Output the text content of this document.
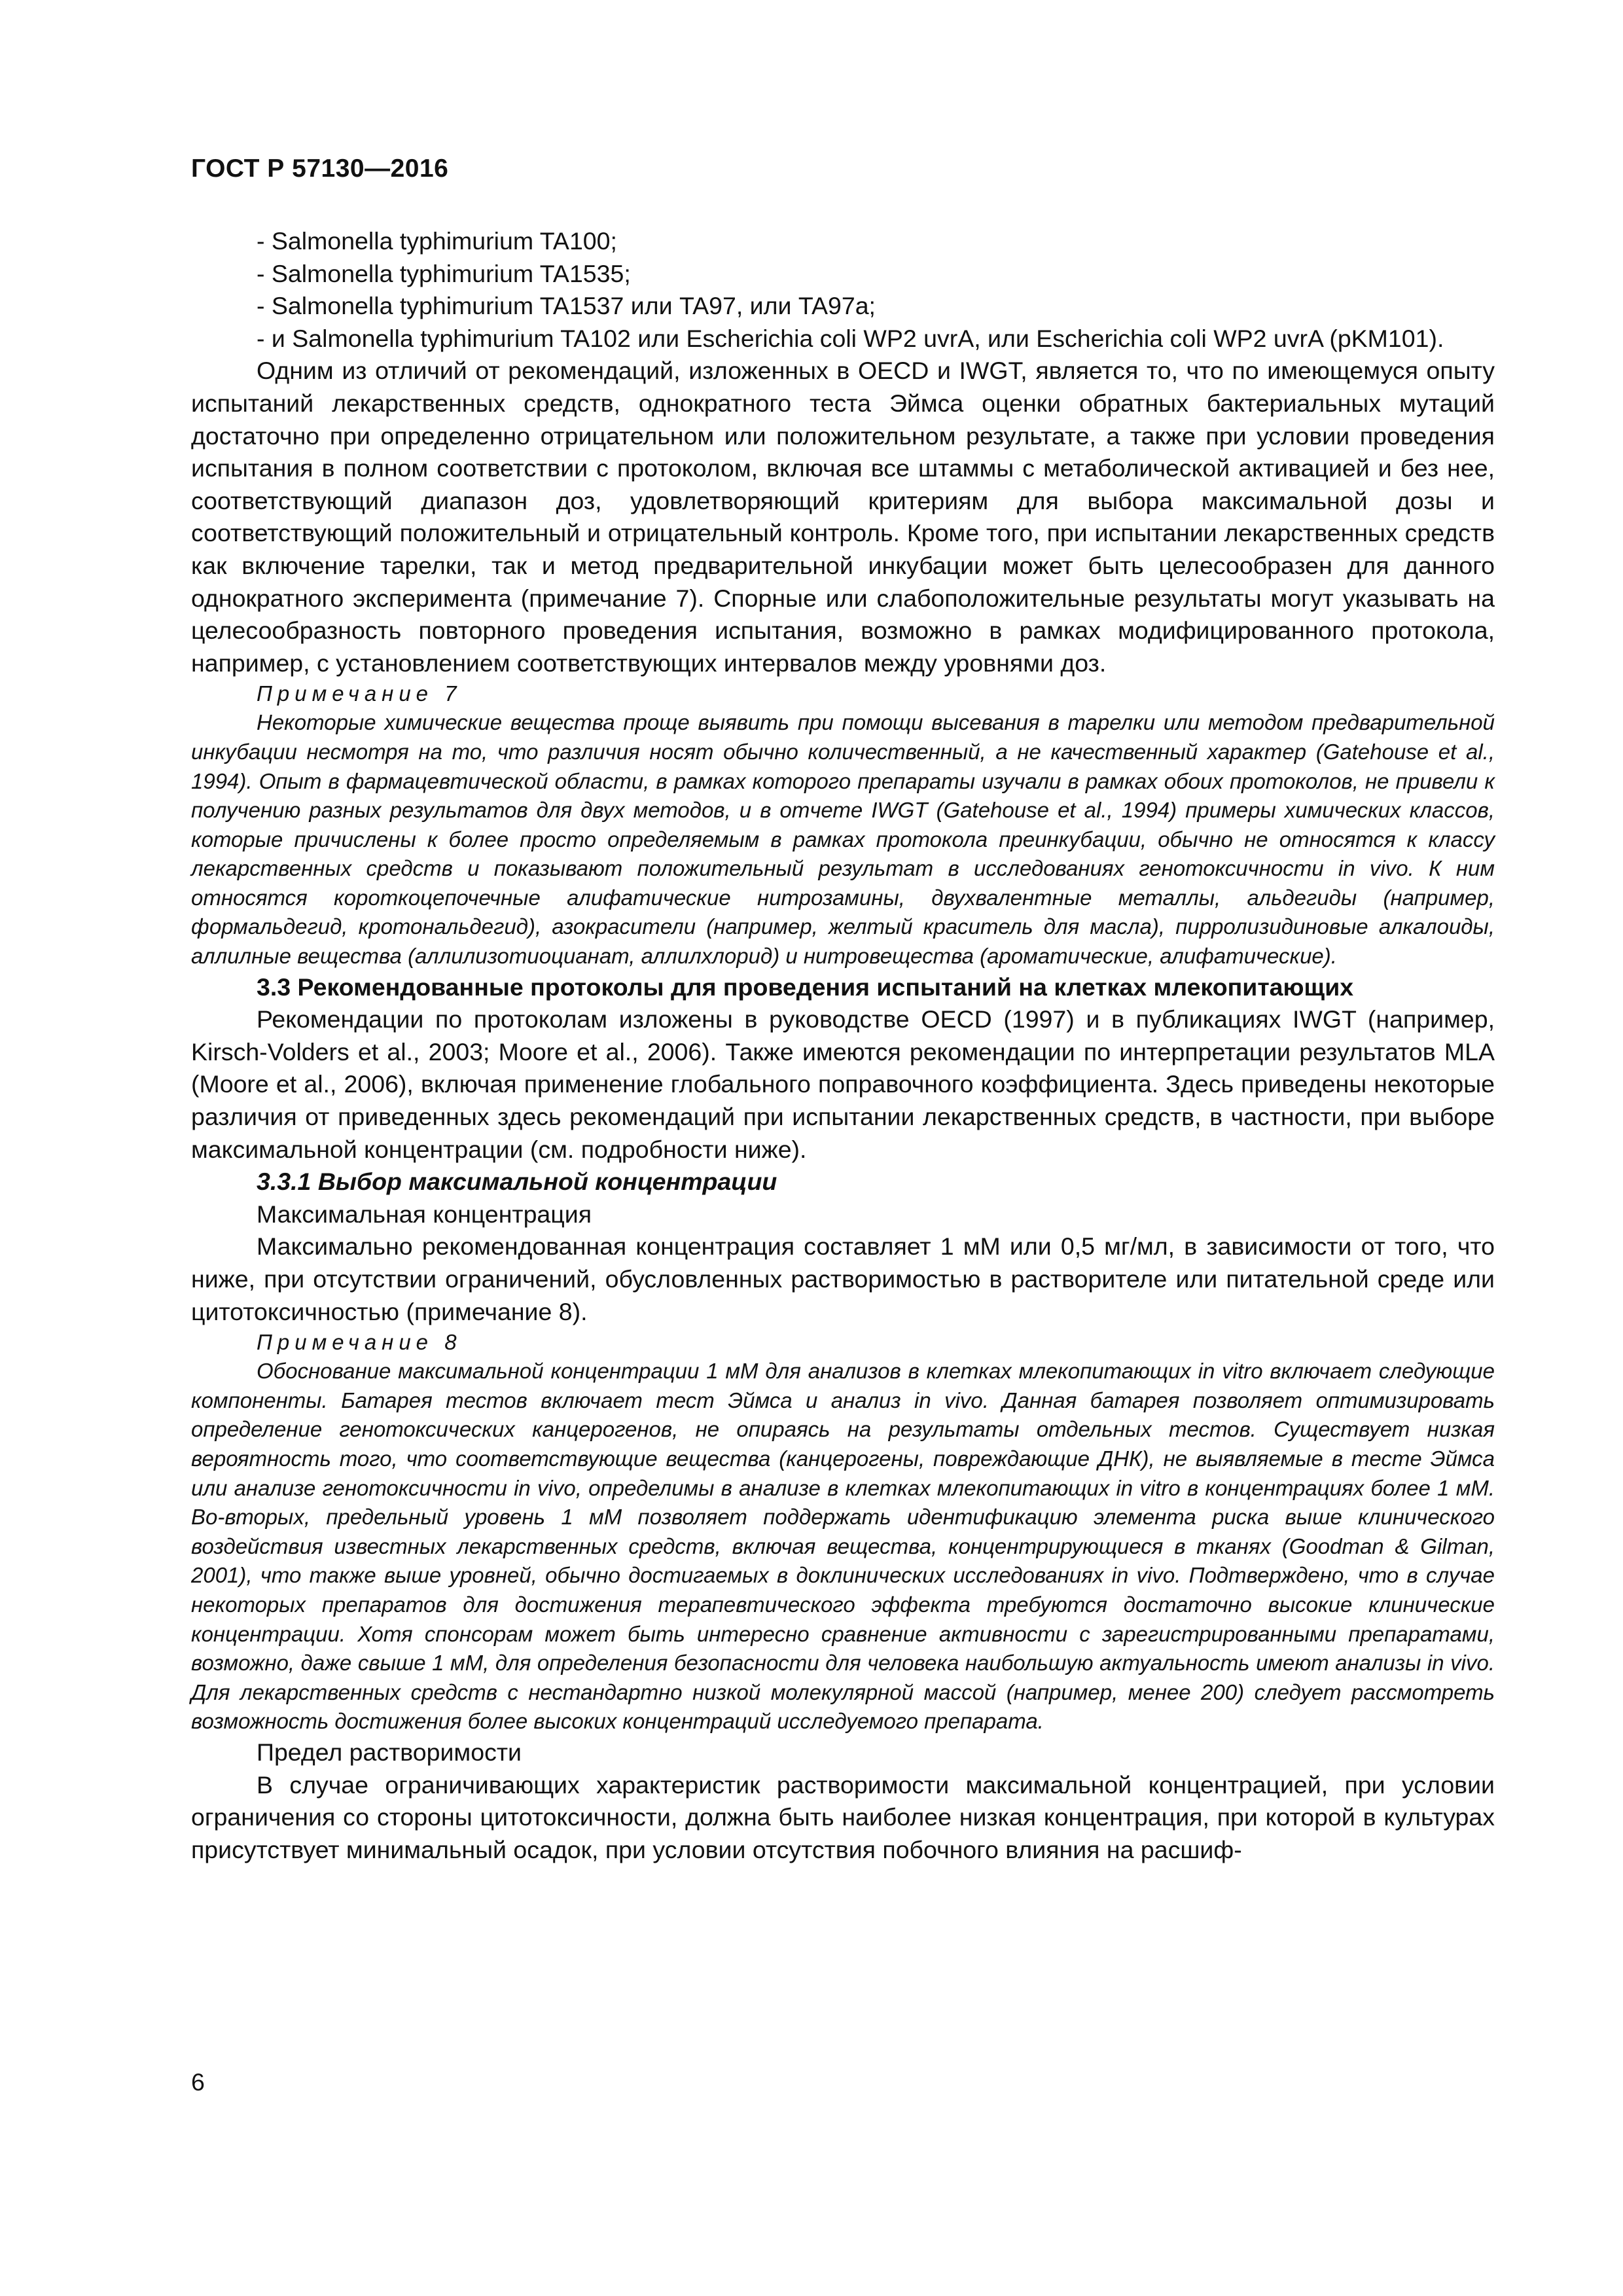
ГОСТ Р 57130—2016

- Salmonella typhimurium TA100;

- Salmonella typhimurium TA1535;

- Salmonella typhimurium TA1537 или TA97, или TA97a;

- и Salmonella typhimurium TA102 или Escherichia coli WP2 uvrA, или Escherichia coli WP2 uvrA (pKM101).

Одним из отличий от рекомендаций, изложенных в OECD и IWGT, является то, что по имеющемуся опыту испытаний лекарственных средств, однократного теста Эймса оценки обратных бактериальных мутаций достаточно при определенно отрицательном или положительном результате, а также при условии проведения испытания в полном соответствии с протоколом, включая все штаммы с метаболической активацией и без нее, соответствующий диапазон доз, удовлетворяющий критериям для выбора максимальной дозы и соответствующий положительный и отрицательный контроль. Кроме того, при испытании лекарственных средств как включение тарелки, так и метод предварительной инкубации может быть целесообразен для данного однократного эксперимента (примечание 7). Спорные или слабоположительные результаты могут указывать на целесообразность повторного проведения испытания, возможно в рамках модифицированного протокола, например, с установлением соответствующих интервалов между уровнями доз.

Примечание 7

Некоторые химические вещества проще выявить при помощи высевания в тарелки или методом предварительной инкубации несмотря на то, что различия носят обычно количественный, а не качественный характер (Gatehouse et al., 1994). Опыт в фармацевтической области, в рамках которого препараты изучали в рамках обоих протоколов, не привели к получению разных результатов для двух методов, и в отчете IWGT (Gatehouse et al., 1994) примеры химических классов, которые причислены к более просто определяемым в рамках протокола преинкубации, обычно не относятся к классу лекарственных средств и показывают положительный результат в исследованиях генотоксичности in vivo. К ним относятся короткоцепочечные алифатические нитрозамины, двухвалентные металлы, альдегиды (например, формальдегид, кротональдегид), азокрасители (например, желтый краситель для масла), пирролизидиновые алкалоиды, аллилные вещества (аллилизотиоцианат, аллилхлорид) и нитровещества (ароматические, алифатические).

3.3 Рекомендованные протоколы для проведения испытаний на клетках млекопитающих

Рекомендации по протоколам изложены в руководстве OECD (1997) и в публикациях IWGT (например, Kirsch-Volders et al., 2003; Moore et al., 2006). Также имеются рекомендации по интерпретации результатов MLA (Moore et al., 2006), включая применение глобального поправочного коэффициента. Здесь приведены некоторые различия от приведенных здесь рекомендаций при испытании лекарственных средств, в частности, при выборе максимальной концентрации (см. подробности ниже).

3.3.1 Выбор максимальной концентрации

Максимальная концентрация

Максимально рекомендованная концентрация составляет 1 мМ или 0,5 мг/мл, в зависимости от того, что ниже, при отсутствии ограничений, обусловленных растворимостью в растворителе или питательной среде или цитотоксичностью (примечание 8).

Примечание 8

Обоснование максимальной концентрации 1 мМ для анализов в клетках млекопитающих in vitro включает следующие компоненты. Батарея тестов включает тест Эймса и анализ in vivo. Данная батарея позволяет оптимизировать определение генотоксических канцерогенов, не опираясь на результаты отдельных тестов. Существует низкая вероятность того, что соответствующие вещества (канцерогены, повреждающие ДНК), не выявляемые в тесте Эймса или анализе генотоксичности in vivo, определимы в анализе в клетках млекопитающих in vitro в концентрациях более 1 мМ. Во-вторых, предельный уровень 1 мМ позволяет поддержать идентификацию элемента риска выше клинического воздействия известных лекарственных средств, включая вещества, концентрирующиеся в тканях (Goodman & Gilman, 2001), что также выше уровней, обычно достигаемых в доклинических исследованиях in vivo. Подтверждено, что в случае некоторых препаратов для достижения терапевтического эффекта требуются достаточно высокие клинические концентрации. Хотя спонсорам может быть интересно сравнение активности с зарегистрированными препаратами, возможно, даже свыше 1 мМ, для определения безопасности для человека наибольшую актуальность имеют анализы in vivo. Для лекарственных средств с нестандартно низкой молекулярной массой (например, менее 200) следует рассмотреть возможность достижения более высоких концентраций исследуемого препарата.

Предел растворимости

В случае ограничивающих характеристик растворимости максимальной концентрацией, при условии ограничения со стороны цитотоксичности, должна быть наиболее низкая концентрация, при которой в культурах присутствует минимальный осадок, при условии отсутствия побочного влияния на расшиф-

6
